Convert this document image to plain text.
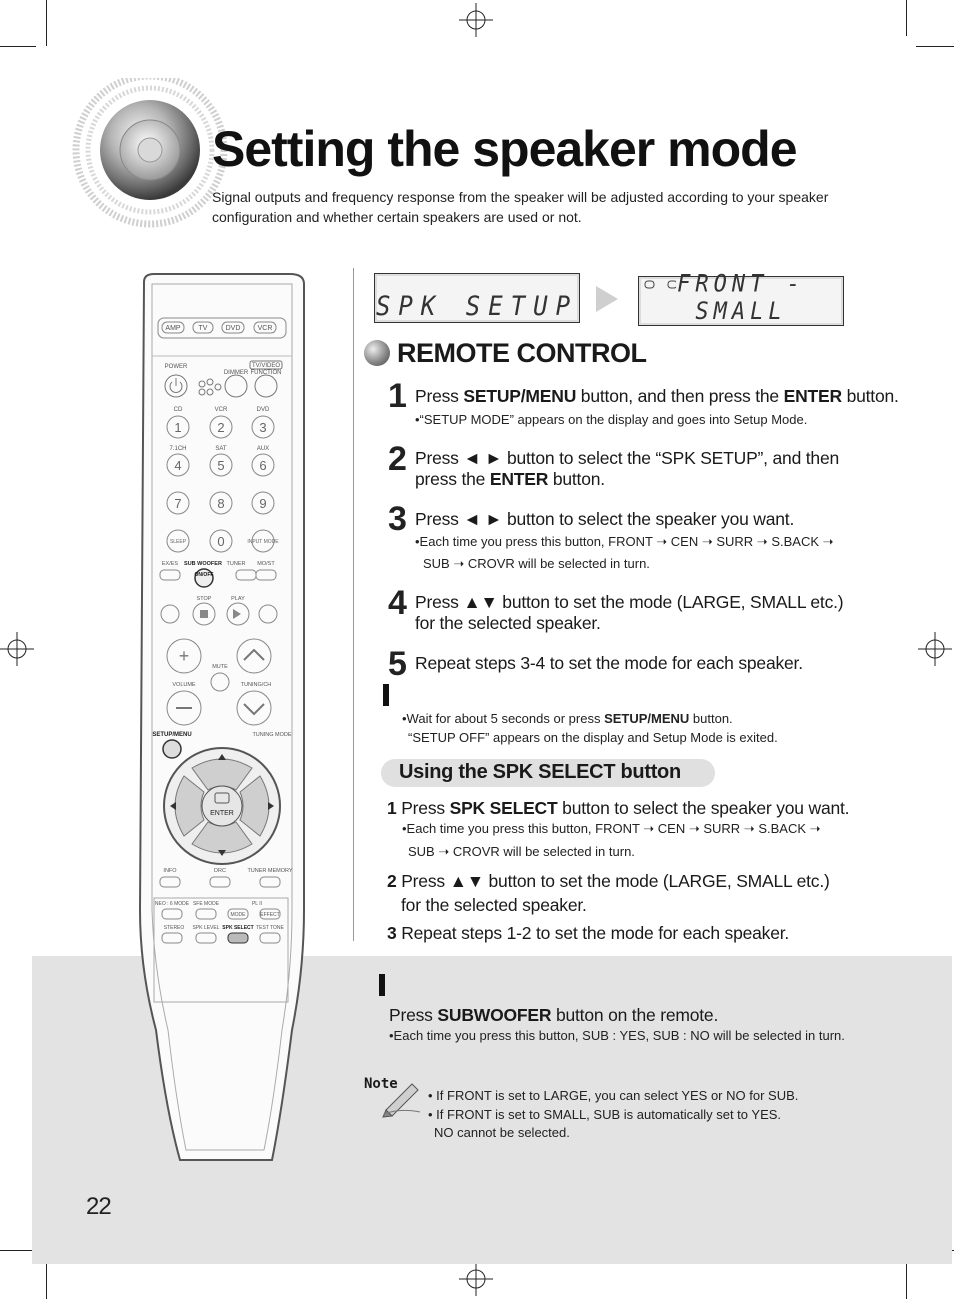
Setting the speaker mode
Signal outputs and frequency response from the speaker will be adjusted according to your speaker configuration and whether certain speakers are used or not.
AMP	TV	DVD VCR
POWER	TV/VIDEO
DIMMER FUNCTION
CD	VCR	DVD
7.1CH	SAT	AUX
1	2	3
4	5	6
7	8	9
0
SLEEP	INPUT MODE
EX/ES SUB WOOFER TUNER MO/ST
ON/OFF
STOP	PLAY
+
MUTE
VOLUME	TUNING/CH
SETUP/MENU	TUNING MODE
ENTER
INFO	DRC	TUNER MEMORY
NEO : 6 MODE SFE MODE	PL II
MODE	EFFECT
STEREO SPK LEVEL SPK SELECT TEST TONE
SPK SETUP
FRONT - SMALL
REMOTE CONTROL
1 Press SETUP/MENU button, and then press the ENTER button.
•“SETUP MODE” appears on the display and goes into Setup Mode.
2 Press ◄ ► button to select the “SPK SETUP”, and then
press the ENTER button.
3 Press ◄ ► button to select the speaker you want.
•Each time you press this button, FRONT ➝ CEN ➝ SURR ➝ S.BACK ➝
SUB ➝ CROVR will be selected in turn.
4 Press ▲▼ button to set the mode (LARGE, SMALL etc.)
for the selected speaker.
5 Repeat steps 3-4 to set the mode for each speaker.
•Wait for about 5 seconds or press SETUP/MENU button.
“SETUP OFF” appears on the display and Setup Mode is exited.
Using the SPK SELECT button
1 Press SPK SELECT button to select the speaker you want.
•Each time you press this button, FRONT ➝ CEN ➝ SURR ➝ S.BACK ➝
SUB ➝ CROVR will be selected in turn.
2 Press ▲▼ button to set the mode (LARGE, SMALL etc.)
for the selected speaker.
3 Repeat steps 1-2 to set the mode for each speaker.
Press SUBWOOFER button on the remote.
•Each time you press this button, SUB : YES, SUB : NO will be selected in turn.
Note
• If FRONT is set to LARGE, you can select YES or NO for SUB.
• If FRONT is set to SMALL, SUB is automatically set to YES.
NO cannot be selected.
22
